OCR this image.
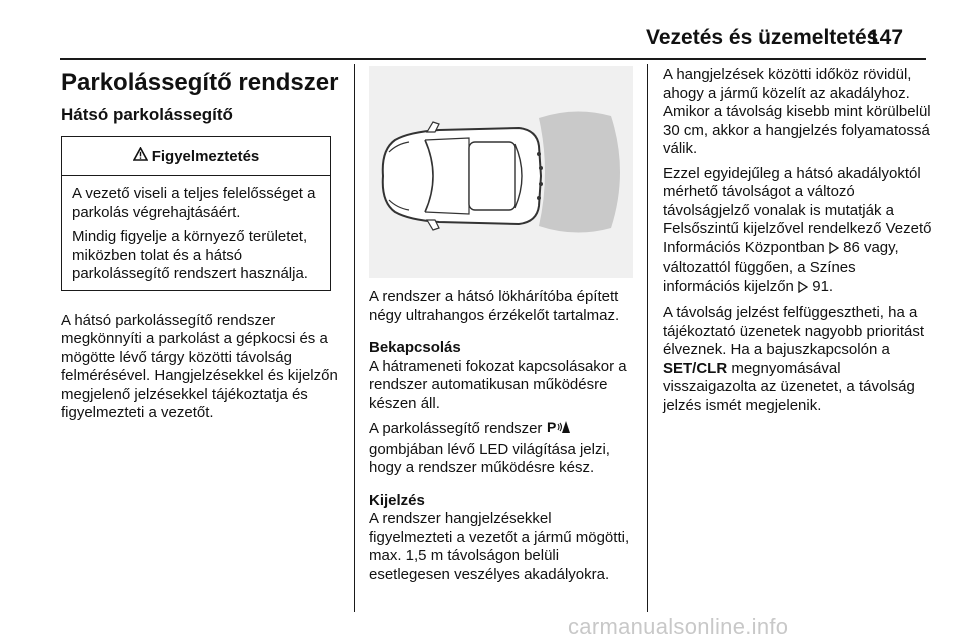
Vezetés és üzemeltetés
147
Parkolássegítő rendszer
Hátsó parkolássegítő
Figyelmeztetés

A vezető viseli a teljes felelősséget a parkolás végrehajtásáért.

Mindig figyelje a környező területet, miközben tolat és a hátsó parkolássegítő rendszert használja.

A hátsó parkolássegítő rendszer megkönnyíti a parkolást a gépkocsi és a mögötte lévő tárgy közötti távolság felmérésével. Hangjelzésekkel és kijelzőn megjelenő jelzésekkel tájékoztatja és figyelmezteti a vezetőt.

A rendszer a hátsó lökhárítóba épített négy ultrahangos érzékelőt tartalmaz.

Bekapcsolás

A hátrameneti fokozat kapcsolásakor a rendszer automatikusan működésre készen áll.

A parkolássegítő rendszer P
gombjában lévő LED világítása jelzi, hogy a rendszer működésre kész.

Kijelzés

A rendszer hangjelzésekkel figyelmezteti a vezetőt a jármű mögötti, max. 1,5 m távolságon belüli esetlegesen veszélyes akadályokra.

A hangjelzések közötti időköz rövidül, ahogy a jármű közelít az akadályhoz. Amikor a távolság kisebb mint körülbelül 30 cm, akkor a hangjelzés folyamatossá válik.

Ezzel egyidejűleg a hátsó akadályoktól mérhető távolságot a változó távolságjelző vonalak is mutatják a Felsőszintű kijelzővel rendelkező Vezető Információs Központban 86 vagy, változattól függően, a Színes információs kijelzőn 91.

A távolság jelzést felfüggesztheti, ha a tájékoztató üzenetek nagyobb prioritást élveznek. Ha a bajuszkapcsolón a SET/CLR megnyomásával visszaigazolta az üzenetet, a távolság jelzés ismét megjelenik.

carmanualsonline.info
